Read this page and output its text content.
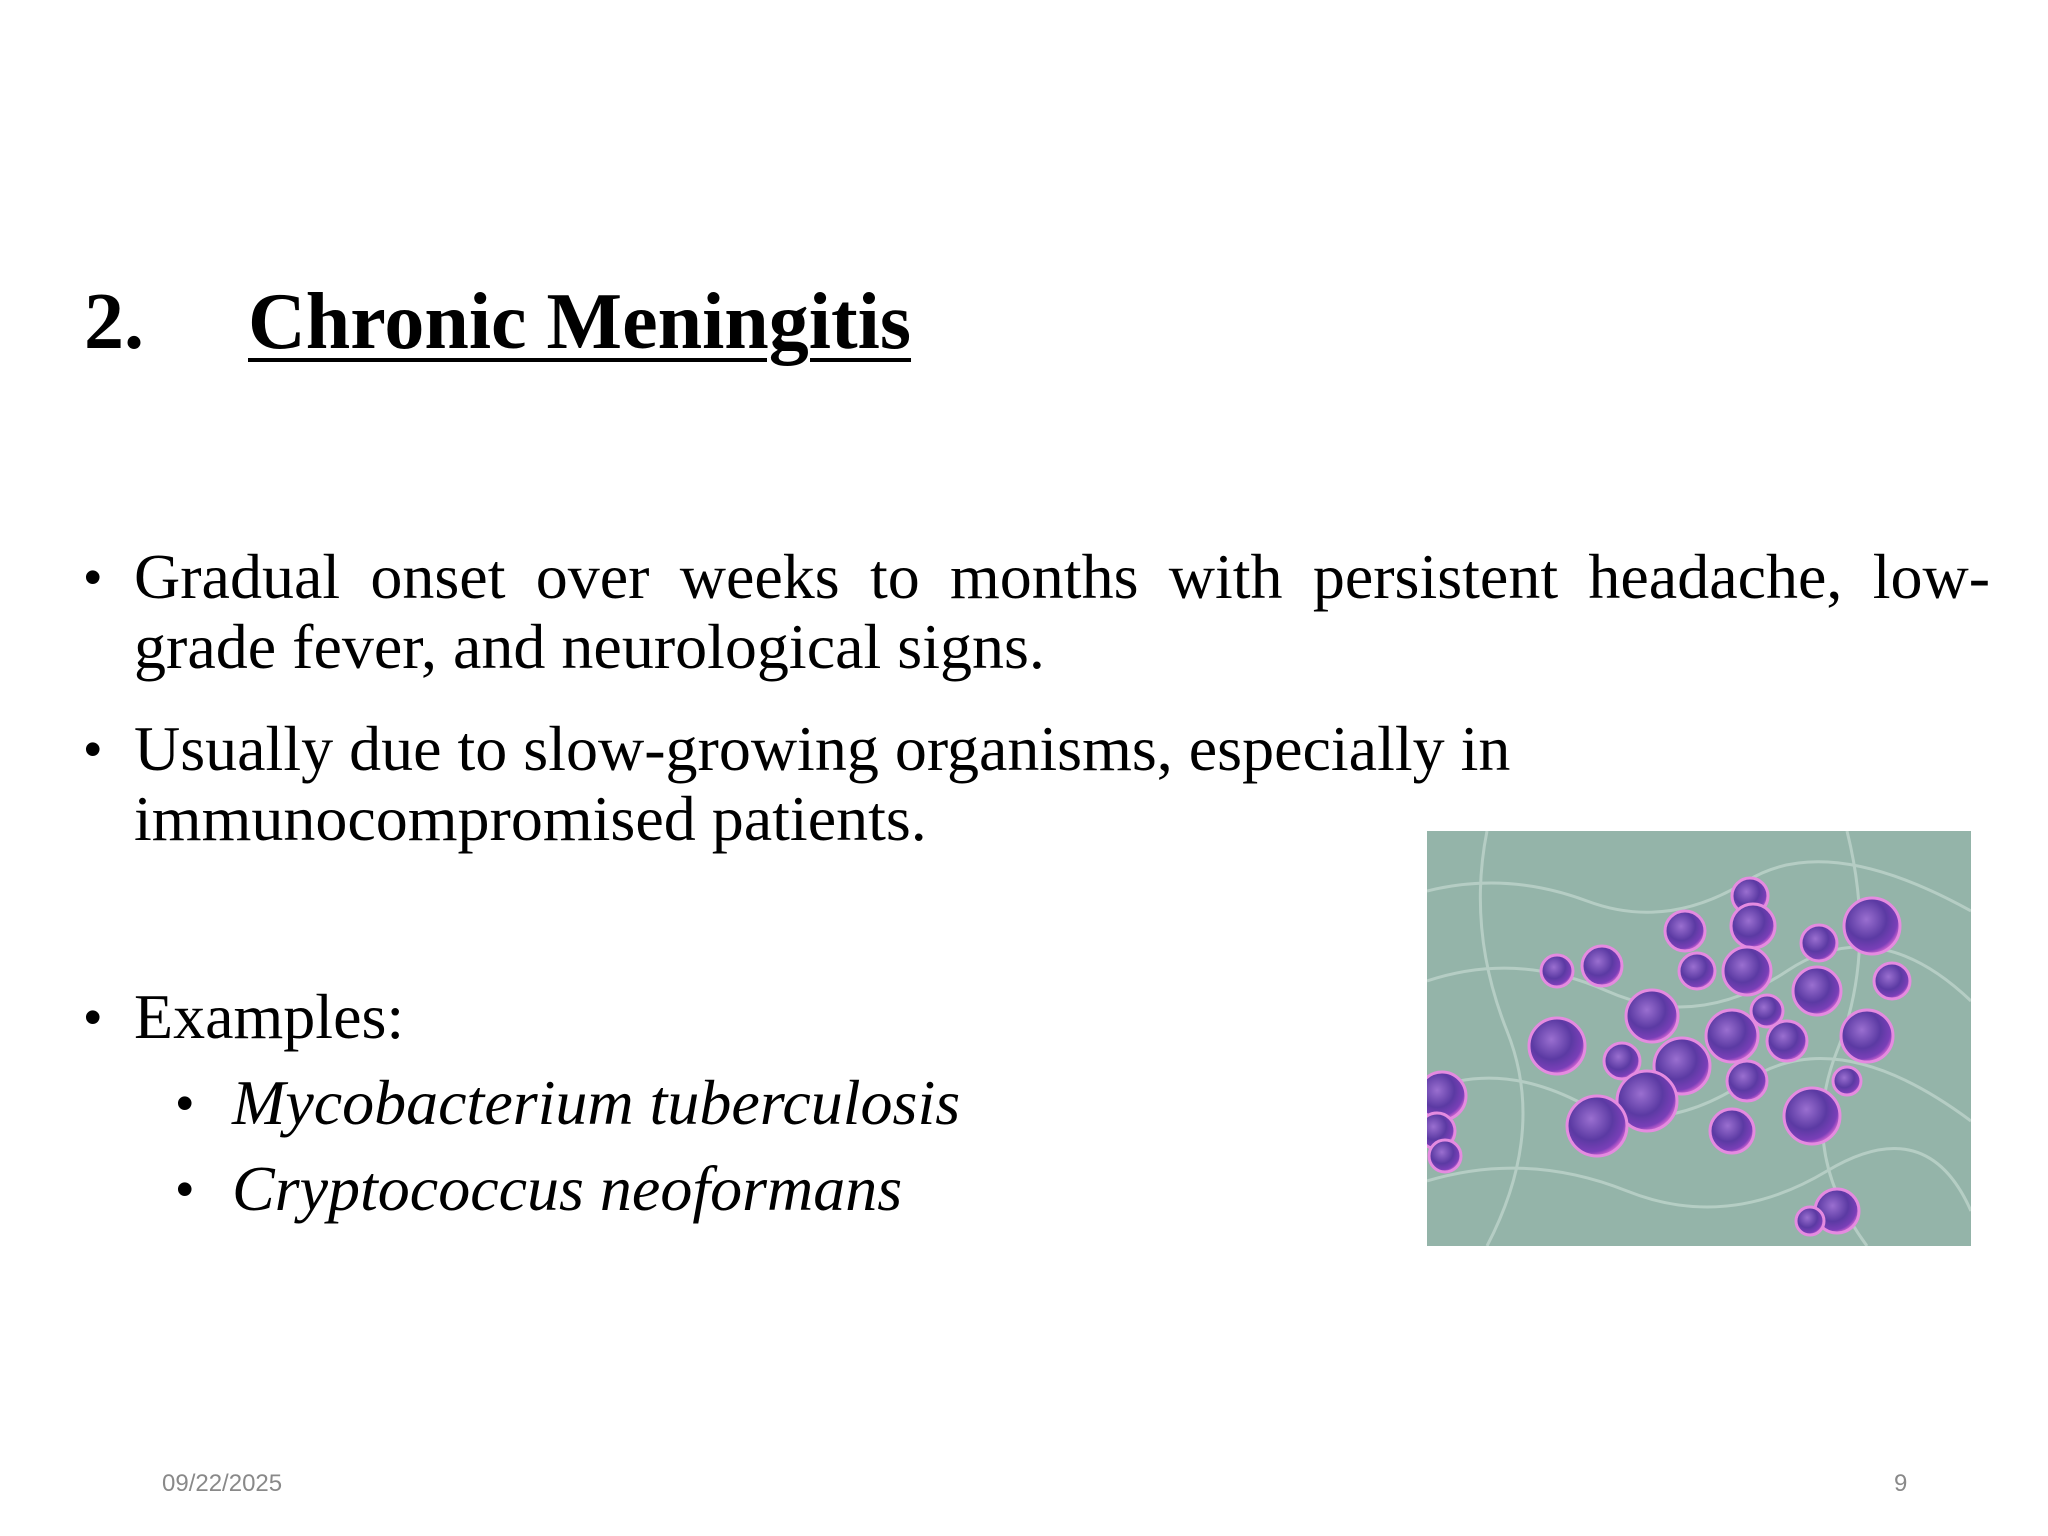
2. Chronic Meningitis
• Gradual onset over weeks to months with persistent headache, low-grade fever, and neurological signs.
• Usually due to slow-growing organisms, especially in immunocompromised patients.
• Examples:
• Mycobacterium tuberculosis
• Cryptococcus neoformans
09/22/2025	9
